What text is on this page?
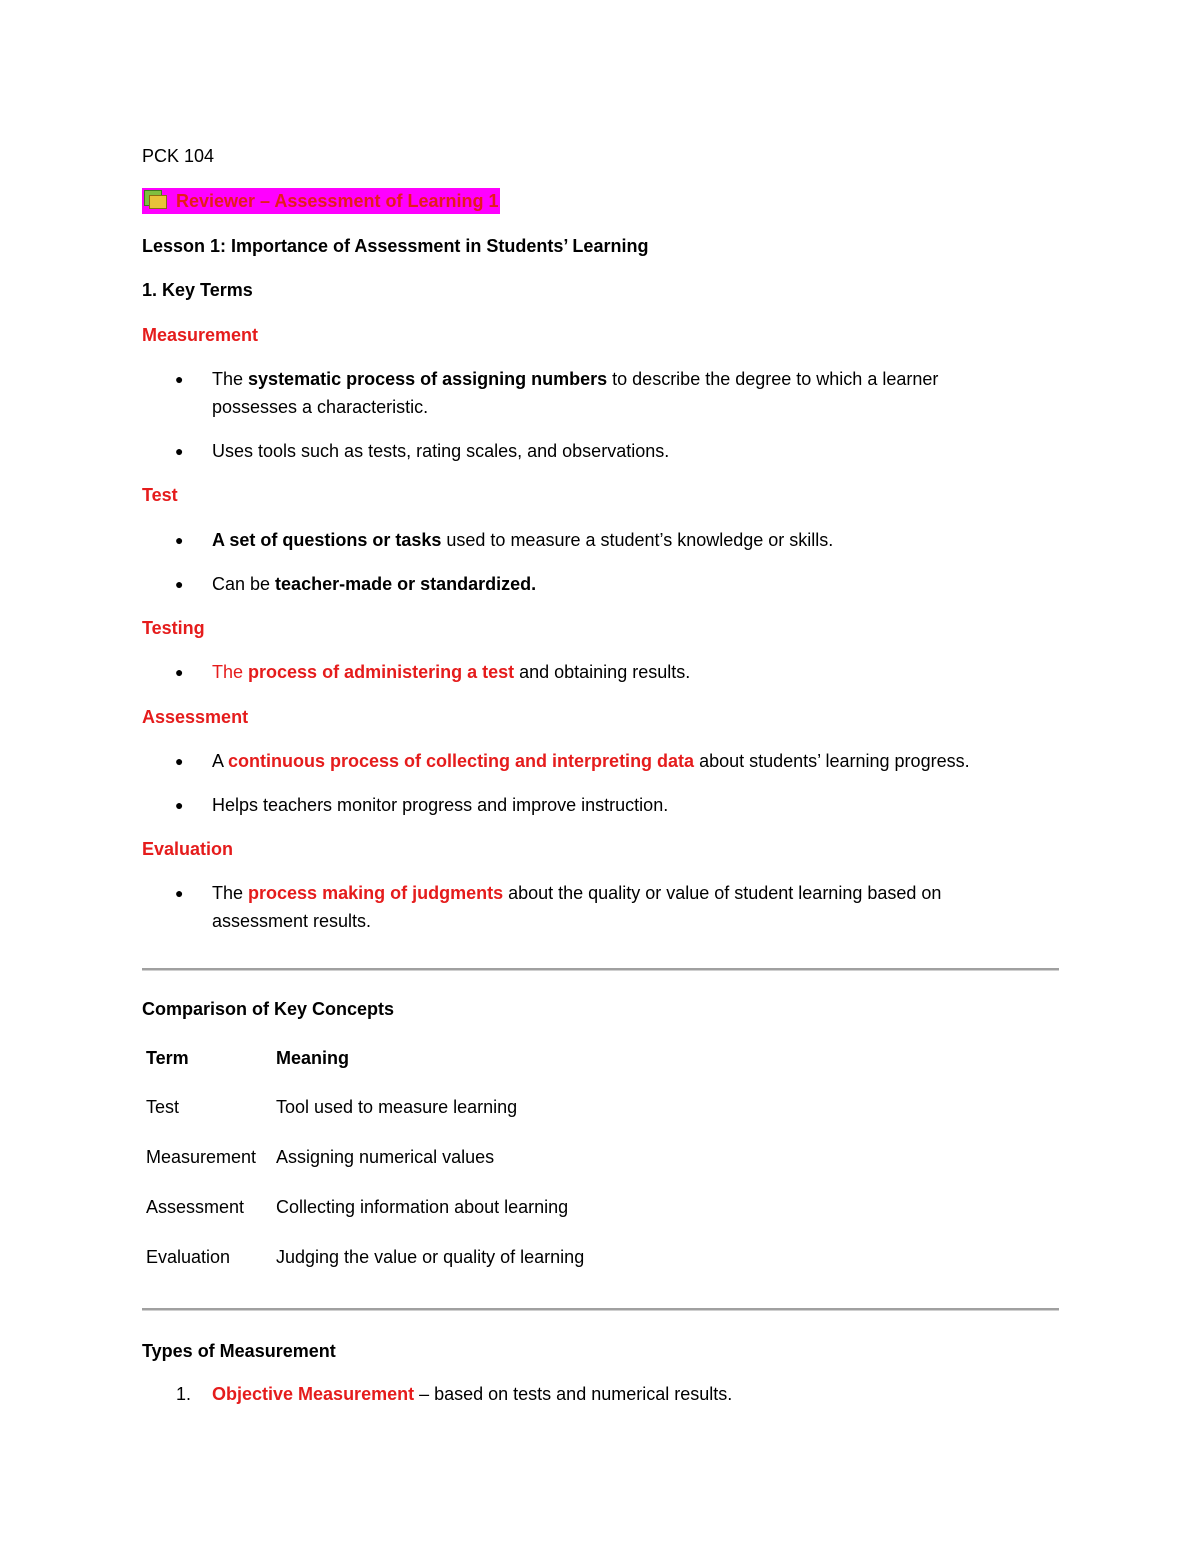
PCK 104
Reviewer – Assessment of Learning 1
Lesson 1: Importance of Assessment in Students’ Learning
1. Key Terms
Measurement
● The systematic process of assigning numbers to describe the degree to which a learner
possesses a characteristic.
● Uses tools such as tests, rating scales, and observations.
Test
● A set of questions or tasks used to measure a student’s knowledge or skills.
● Can be teacher-made or standardized.
Testing
● The process of administering a test and obtaining results.
Assessment
● A continuous process of collecting and interpreting data about students’ learning progress.
● Helps teachers monitor progress and improve instruction.
Evaluation
● The process making of judgments about the quality or value of student learning based on
assessment results.
Comparison of Key Concepts
Term	Meaning
Test	Tool used to measure learning
Measurement Assigning numerical values
Assessment Collecting information about learning
Evaluation	Judging the value or quality of learning
Types of Measurement
1. Objective Measurement – based on tests and numerical results.
